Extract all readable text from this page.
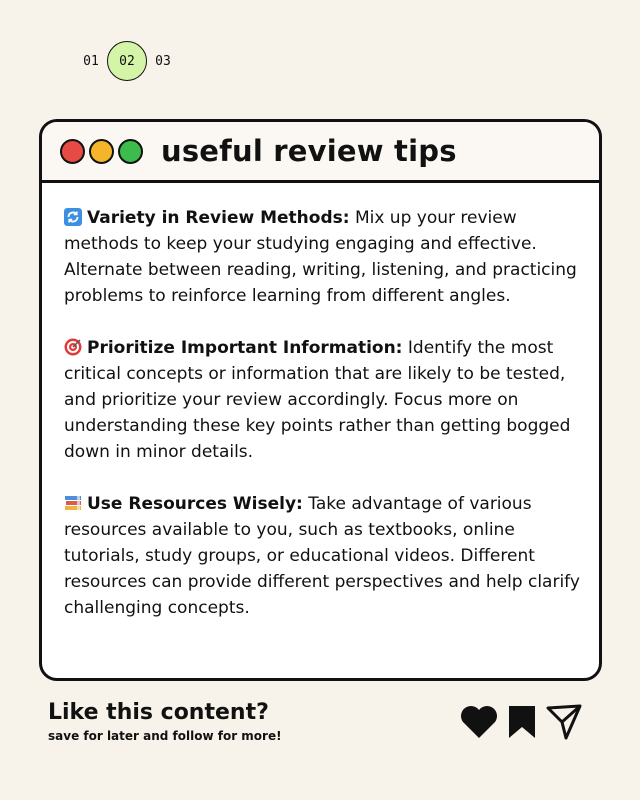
01	02	03
useful review tips

Variety in Review Methods: Mix up your review methods to keep your studying engaging and effective. Alternate between reading, writing, listening, and practicing problems to reinforce learning from different angles.

Prioritize Important Information: Identify the most critical concepts or information that are likely to be tested, and prioritize your review accordingly. Focus more on understanding these key points rather than getting bogged down in minor details.

Use Resources Wisely: Take advantage of various resources available to you, such as textbooks, online tutorials, study groups, or educational videos. Different resources can provide different perspectives and help clarify challenging concepts.

Like this content?
save for later and follow for more!
